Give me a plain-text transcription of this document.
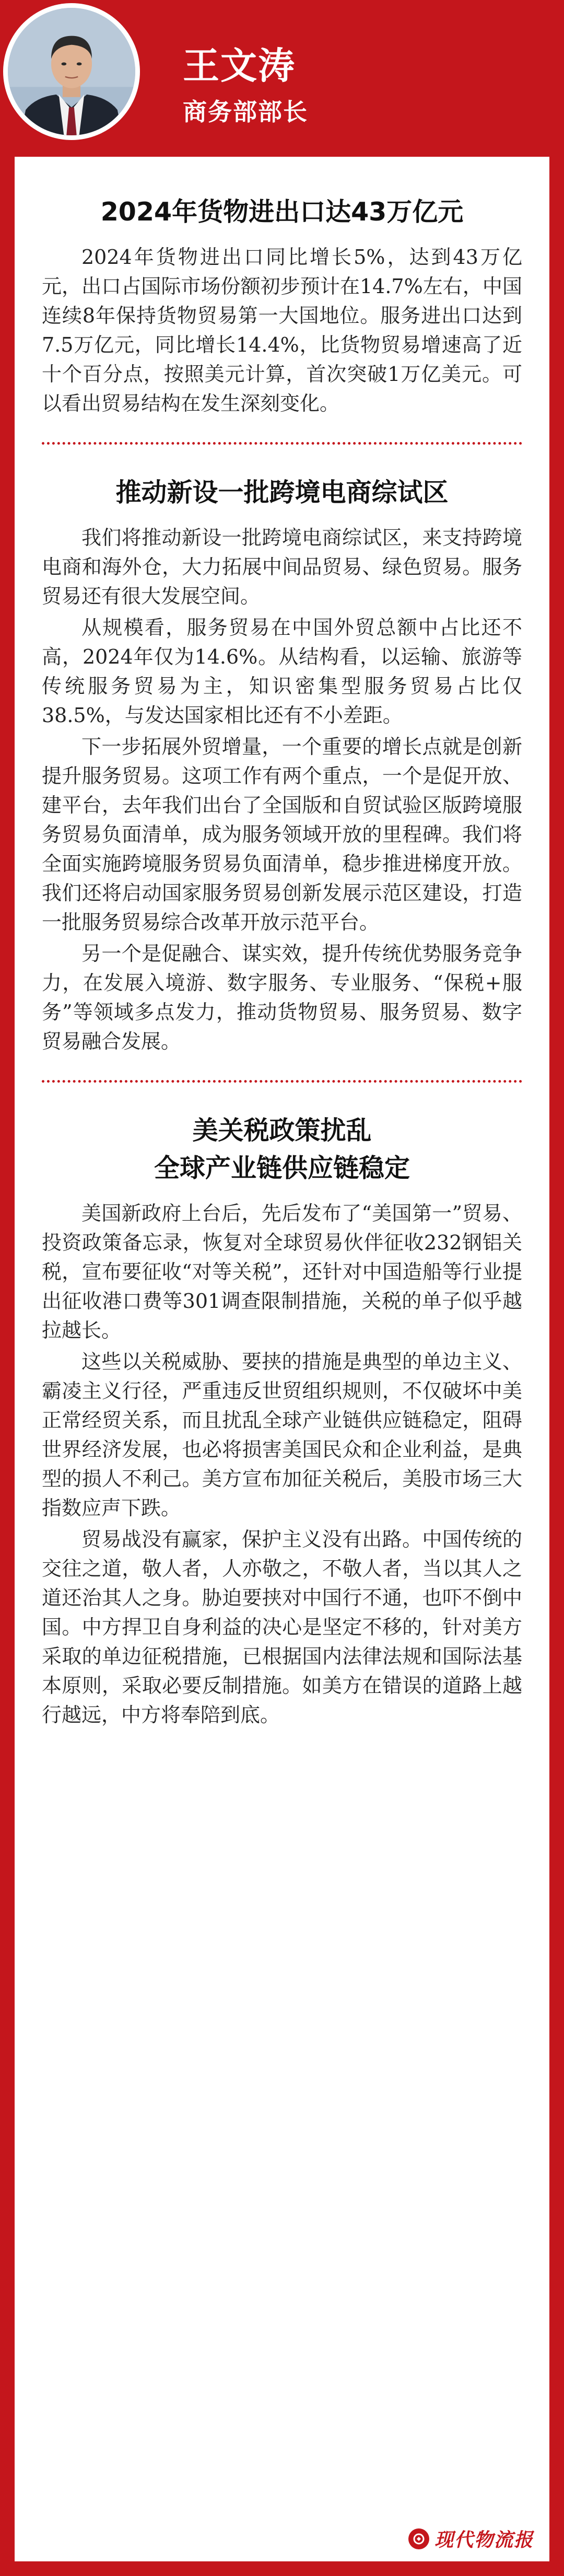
王文涛
商务部部长
2024年货物进出口达43万亿元

2024年货物进出口同比增长5%，达到43万亿元，出口占国际市场份额初步预计在14.7%左右，中国连续8年保持货物贸易第一大国地位。服务进出口达到7.5万亿元，同比增长14.4%，比货物贸易增速高了近十个百分点，按照美元计算，首次突破1万亿美元。可以看出贸易结构在发生深刻变化。

推动新设一批跨境电商综试区

我们将推动新设一批跨境电商综试区，来支持跨境电商和海外仓，大力拓展中间品贸易、绿色贸易。服务贸易还有很大发展空间。

从规模看，服务贸易在中国外贸总额中占比还不高，2024年仅为14.6%。从结构看，以运输、旅游等传统服务贸易为主，知识密集型服务贸易占比仅38.5%，与发达国家相比还有不小差距。

下一步拓展外贸增量，一个重要的增长点就是创新提升服务贸易。这项工作有两个重点，一个是促开放、建平台，去年我们出台了全国版和自贸试验区版跨境服务贸易负面清单，成为服务领域开放的里程碑。我们将全面实施跨境服务贸易负面清单，稳步推进梯度开放。我们还将启动国家服务贸易创新发展示范区建设，打造一批服务贸易综合改革开放示范平台。

另一个是促融合、谋实效，提升传统优势服务竞争力，在发展入境游、数字服务、专业服务、“保税+服务”等领域多点发力，推动货物贸易、服务贸易、数字贸易融合发展。

美关税政策扰乱
全球产业链供应链稳定

美国新政府上台后，先后发布了“美国第一”贸易、投资政策备忘录，恢复对全球贸易伙伴征收232钢铝关税，宣布要征收“对等关税”，还针对中国造船等行业提出征收港口费等301调查限制措施，关税的单子似乎越拉越长。

这些以关税威胁、要挟的措施是典型的单边主义、霸凌主义行径，严重违反世贸组织规则，不仅破坏中美正常经贸关系，而且扰乱全球产业链供应链稳定，阻碍世界经济发展，也必将损害美国民众和企业利益，是典型的损人不利己。美方宣布加征关税后，美股市场三大指数应声下跌。

贸易战没有赢家，保护主义没有出路。中国传统的交往之道，敬人者，人亦敬之，不敬人者，当以其人之道还治其人之身。胁迫要挟对中国行不通，也吓不倒中国。中方捍卫自身利益的决心是坚定不移的，针对美方采取的单边征税措施，已根据国内法律法规和国际法基本原则，采取必要反制措施。如美方在错误的道路上越行越远，中方将奉陪到底。

现代物流报
